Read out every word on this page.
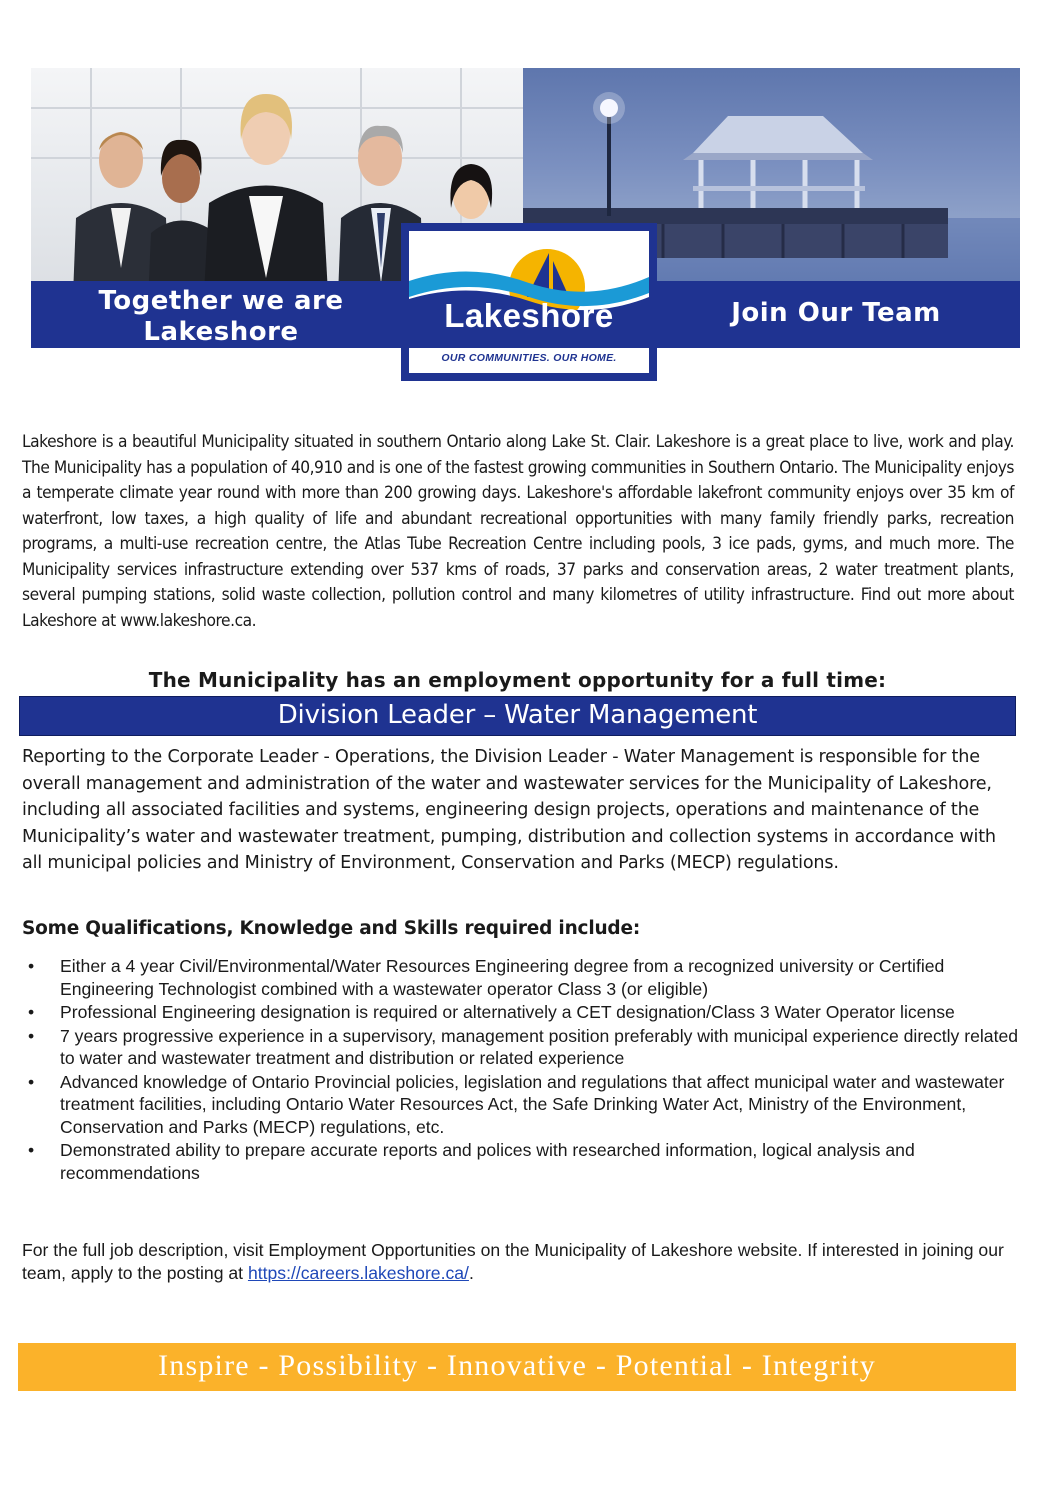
Together we are
Lakeshore
Join Our Team
Lakeshore
OUR COMMUNITIES. OUR HOME.

Lakeshore is a beautiful Municipality situated in southern Ontario along Lake St. Clair. Lakeshore is a great place to live, work and play. The Municipality has a population of 40,910 and is one of the fastest growing communities in Southern Ontario. The Municipality enjoys a temperate climate year round with more than 200 growing days. Lakeshore's affordable lakefront community enjoys over 35 km of waterfront, low taxes, a high quality of life and abundant recreational opportunities with many family friendly parks, recreation programs, a multi-use recreation centre, the Atlas Tube Recreation Centre including pools, 3 ice pads, gyms, and much more. The Municipality services infrastructure extending over 537 kms of roads, 37 parks and conservation areas, 2 water treatment plants, several pumping stations, solid waste collection, pollution control and many kilometres of utility infrastructure. Find out more about Lakeshore at www.lakeshore.ca.

The Municipality has an employment opportunity for a full time:
Division Leader – Water Management

Reporting to the Corporate Leader - Operations, the Division Leader - Water Management is responsible for the overall management and administration of the water and wastewater services for the Municipality of Lakeshore, including all associated facilities and systems, engineering design projects, operations and maintenance of the Municipality’s water and wastewater treatment, pumping, distribution and collection systems in accordance with all municipal policies and Ministry of Environment, Conservation and Parks (MECP) regulations.

Some Qualifications, Knowledge and Skills required include:
• Either a 4 year Civil/Environmental/Water Resources Engineering degree from a recognized university or Certified Engineering Technologist combined with a wastewater operator Class 3 (or eligible)
• Professional Engineering designation is required or alternatively a CET designation/Class 3 Water Operator license
• 7 years progressive experience in a supervisory, management position preferably with municipal experience directly related to water and wastewater treatment and distribution or related experience
• Advanced knowledge of Ontario Provincial policies, legislation and regulations that affect municipal water and wastewater treatment facilities, including Ontario Water Resources Act, the Safe Drinking Water Act, Ministry of the Environment, Conservation and Parks (MECP) regulations, etc.
• Demonstrated ability to prepare accurate reports and polices with researched information, logical analysis and recommendations

For the full job description, visit Employment Opportunities on the Municipality of Lakeshore website. If interested in joining our team, apply to the posting at https://careers.lakeshore.ca/.

Inspire - Possibility - Innovative - Potential - Integrity
